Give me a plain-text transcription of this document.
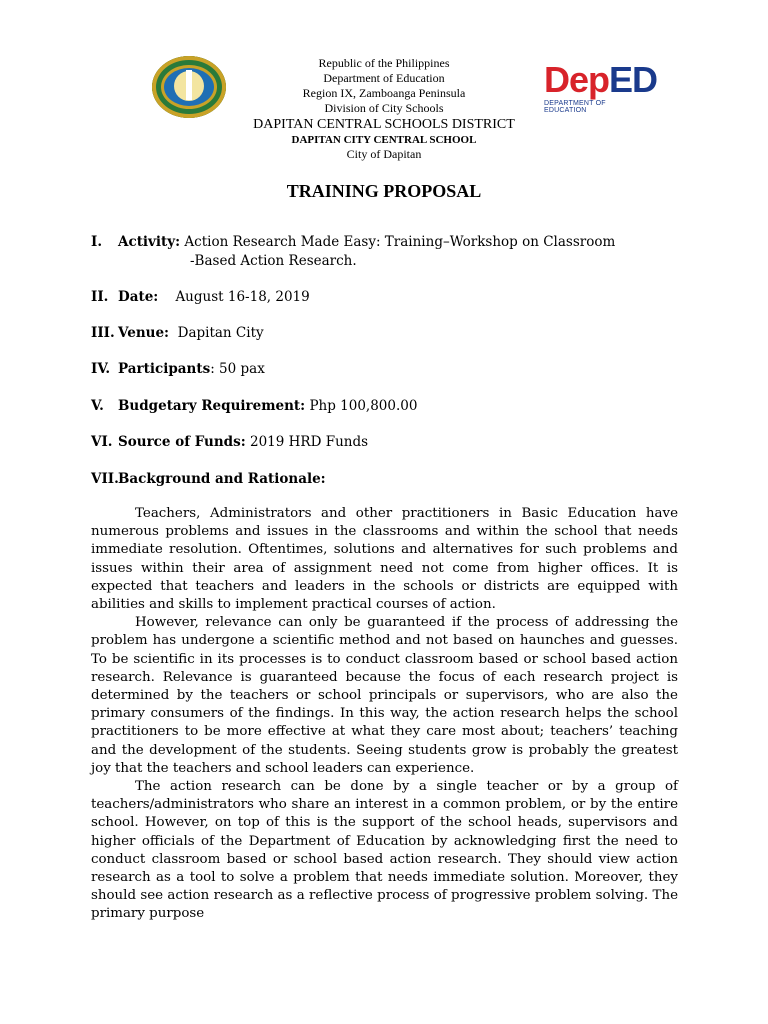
DepED
DEPARTMENT OF EDUCATION
Republic of the Philippines
Department of Education
Region IX, Zamboanga Peninsula
Division of City Schools
DAPITAN CENTRAL SCHOOLS DISTRICT
DAPITAN CITY CENTRAL SCHOOL
City of Dapitan
TRAINING PROPOSAL
I. Activity: Action Research Made Easy: Training–Workshop on Classroom
-Based Action Research.
II. Date: August 16-18, 2019
III. Venue: Dapitan City
IV. Participants: 50 pax
V. Budgetary Requirement: Php 100,800.00
VI. Source of Funds: 2019 HRD Funds
VII.Background and Rationale:

Teachers, Administrators and other practitioners in Basic Education have numerous problems and issues in the classrooms and within the school that needs immediate resolution. Oftentimes, solutions and alternatives for such problems and issues within their area of assignment need not come from higher offices. It is expected that teachers and leaders in the schools or districts are equipped with abilities and skills to implement practical courses of action.

However, relevance can only be guaranteed if the process of addressing the problem has undergone a scientific method and not based on haunches and guesses. To be scientific in its processes is to conduct classroom based or school based action research. Relevance is guaranteed because the focus of each research project is determined by the teachers or school principals or supervisors, who are also the primary consumers of the findings. In this way, the action research helps the school practitioners to be more effective at what they care most about; teachers’ teaching and the development of the students. Seeing students grow is probably the greatest joy that the teachers and school leaders can experience.

The action research can be done by a single teacher or by a group of teachers/administrators who share an interest in a common problem, or by the entire school. However, on top of this is the support of the school heads, supervisors and higher officials of the Department of Education by acknowledging first the need to conduct classroom based or school based action research. They should view action research as a tool to solve a problem that needs immediate solution. Moreover, they should see action research as a reflective process of progressive problem solving. The primary purpose
